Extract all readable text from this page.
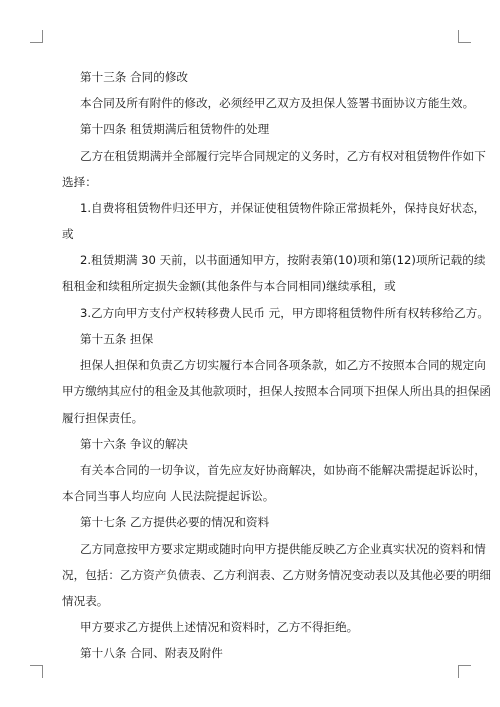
第十三条 合同的修改
本合同及所有附件的修改，必须经甲乙双方及担保人签署书面协议方能生效。
第十四条 租赁期满后租赁物件的处理
乙方在租赁期满并全部履行完毕合同规定的义务时，乙方有权对租赁物件作如下
选择：
1.自费将租赁物件归还甲方，并保证使租赁物件除正常损耗外，保持良好状态，
或
2.租赁期满 30 天前，以书面通知甲方，按附表第(10)项和第(12)项所记载的续
租租金和续租所定损失金额(其他条件与本合同相同)继续承租，或
3.乙方向甲方支付产权转移费人民币 元，甲方即将租赁物件所有权转移给乙方。
第十五条 担保
担保人担保和负责乙方切实履行本合同各项条款，如乙方不按照本合同的规定向
甲方缴纳其应付的租金及其他款项时，担保人按照本合同项下担保人所出具的担保函
履行担保责任。
第十六条 争议的解决
有关本合同的一切争议，首先应友好协商解决，如协商不能解决需提起诉讼时，
本合同当事人均应向 人民法院提起诉讼。
第十七条 乙方提供必要的情况和资料
乙方同意按甲方要求定期或随时向甲方提供能反映乙方企业真实状况的资料和情
况，包括：乙方资产负债表、乙方利润表、乙方财务情况变动表以及其他必要的明细
情况表。
甲方要求乙方提供上述情况和资料时，乙方不得拒绝。
第十八条 合同、附表及附件
